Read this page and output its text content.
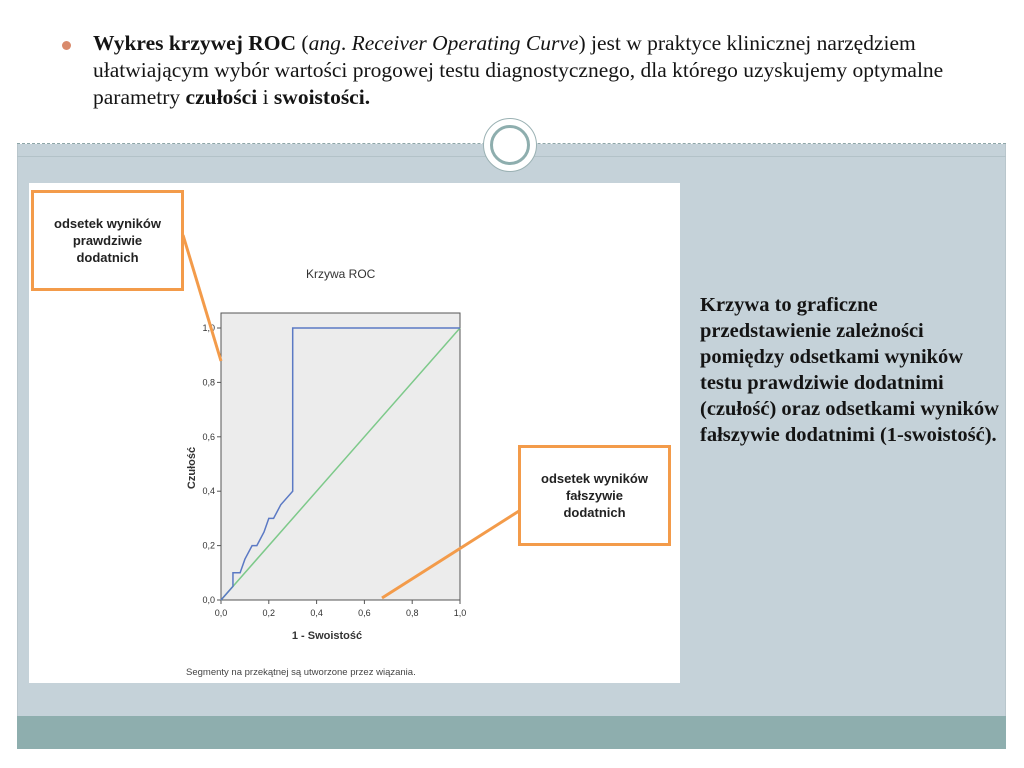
Wykres krzywej ROC (ang. Receiver Operating Curve) jest w praktyce klinicznej narzędziem ułatwiającym wybór wartości progowej testu diagnostycznego, dla którego uzyskujemy optymalne parametry czułości i swoistości.
Krzywa ROC
1 - Swoistość
Czułość
Segmenty na przekątnej są utworzone przez wiązania.
0,0	0,2	0,4	0,6	0,8	1,0
0,0
0,2
0,4
0,6
0,8
1,0
odsetek wyników
prawdziwie
dodatnich
odsetek wyników
fałszywie
dodatnich
Krzywa to graficzne przedstawienie zależności pomiędzy odsetkami wyników testu prawdziwie dodatnimi (czułość) oraz odsetkami wyników fałszywie dodatnimi (1-swoistość).
